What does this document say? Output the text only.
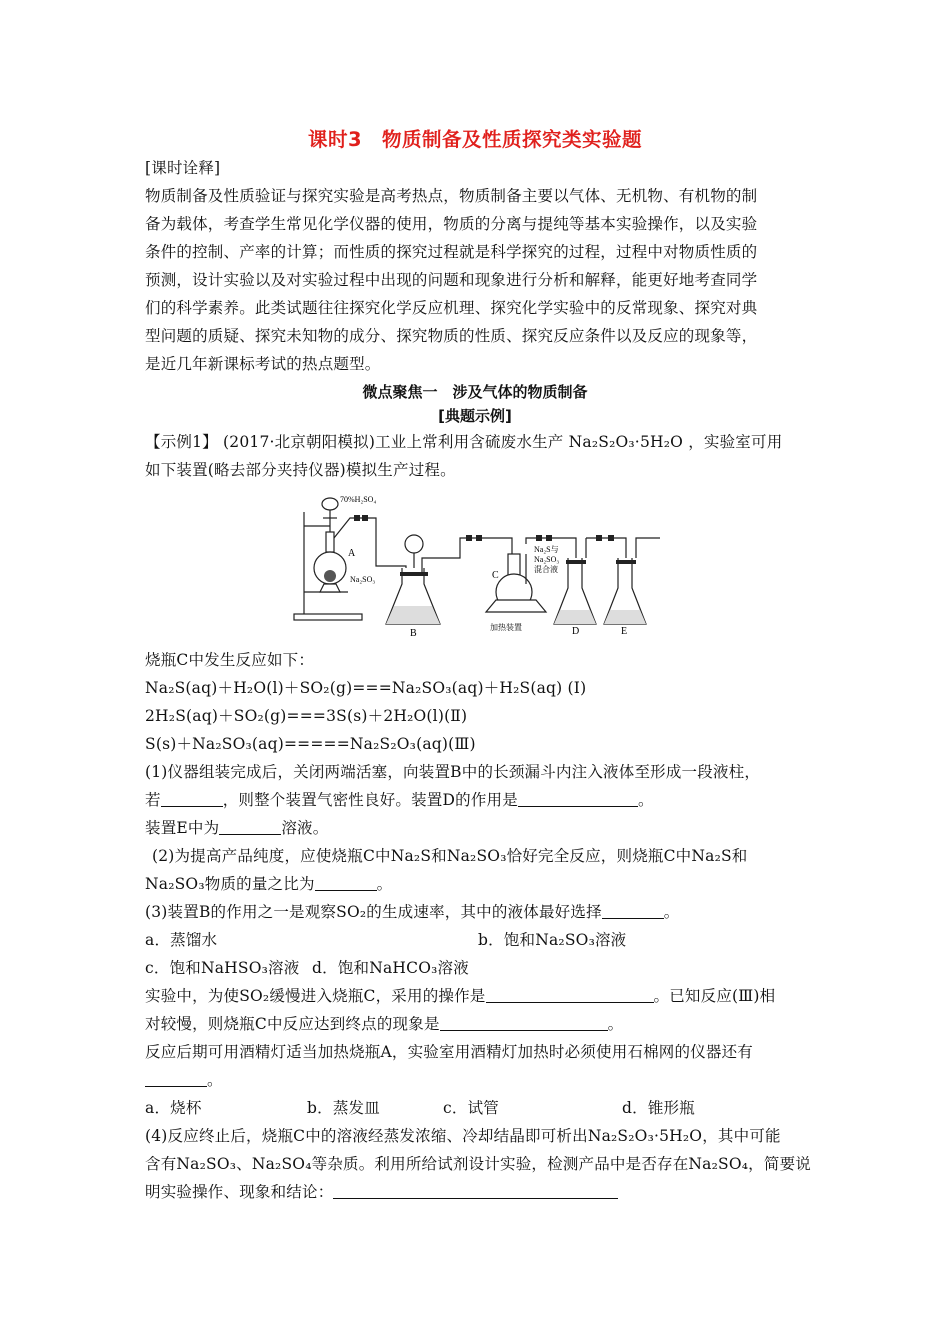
课时3　物质制备及性质探究类实验题
[课时诠释]
物质制备及性质验证与探究实验是高考热点，物质制备主要以气体、无机物、有机物的制
备为载体，考查学生常见化学仪器的使用，物质的分离与提纯等基本实验操作，以及实验
条件的控制、产率的计算；而性质的探究过程就是科学探究的过程，过程中对物质性质的
预测，设计实验以及对实验过程中出现的问题和现象进行分析和解释，能更好地考查同学
们的科学素养。此类试题往往探究化学反应机理、探究化学实验中的反常现象、探究对典
型问题的质疑、探究未知物的成分、探究物质的性质、探究反应条件以及反应的现象等，
是近几年新课标考试的热点题型。
微点聚焦一　涉及气体的物质制备
[典题示例]
【示例1】 (2017·北京朝阳模拟)工业上常利用含硫废水生产 Na₂S₂O₃·5H₂O ，实验室可用
如下装置(略去部分夹持仪器)模拟生产过程。
70%H₂SO₄
A
Na₂SO₃
Na₂S与
Na₂SO₃
混合液
C
加热装置
B	D	E
烧瓶C中发生反应如下：
Na₂S(aq)＋H₂O(l)＋SO₂(g)===Na₂SO₃(aq)＋H₂S(aq) (Ⅰ)
2H₂S(aq)＋SO₂(g)===3S(s)＋2H₂O(l)(Ⅱ)
S(s)＋Na₂SO₃(aq)=====Na₂S₂O₃(aq)(Ⅲ)
(1)仪器组装完成后，关闭两端活塞，向装置B中的长颈漏斗内注入液体至形成一段液柱，
若	，则整个装置气密性良好。装置D的作用是	。
装置E中为	溶液。
(2)为提高产品纯度，应使烧瓶C中Na₂S和Na₂SO₃恰好完全反应，则烧瓶C中Na₂S和
Na₂SO₃物质的量之比为	。
(3)装置B的作用之一是观察SO₂的生成速率，其中的液体最好选择	。
a．蒸馏水	b．饱和Na₂SO₃溶液
c．饱和NaHSO₃溶液 d．饱和NaHCO₃溶液
实验中，为使SO₂缓慢进入烧瓶C，采用的操作是	。已知反应(Ⅲ)相
对较慢，则烧瓶C中反应达到终点的现象是	。
反应后期可用酒精灯适当加热烧瓶A，实验室用酒精灯加热时必须使用石棉网的仪器还有
。
a．烧杯	b．蒸发皿	c．试管	d．锥形瓶
(4)反应终止后，烧瓶C中的溶液经蒸发浓缩、冷却结晶即可析出Na₂S₂O₃·5H₂O，其中可能
含有Na₂SO₃、Na₂SO₄等杂质。利用所给试剂设计实验，检测产品中是否存在Na₂SO₄，简要说
明实验操作、现象和结论：
